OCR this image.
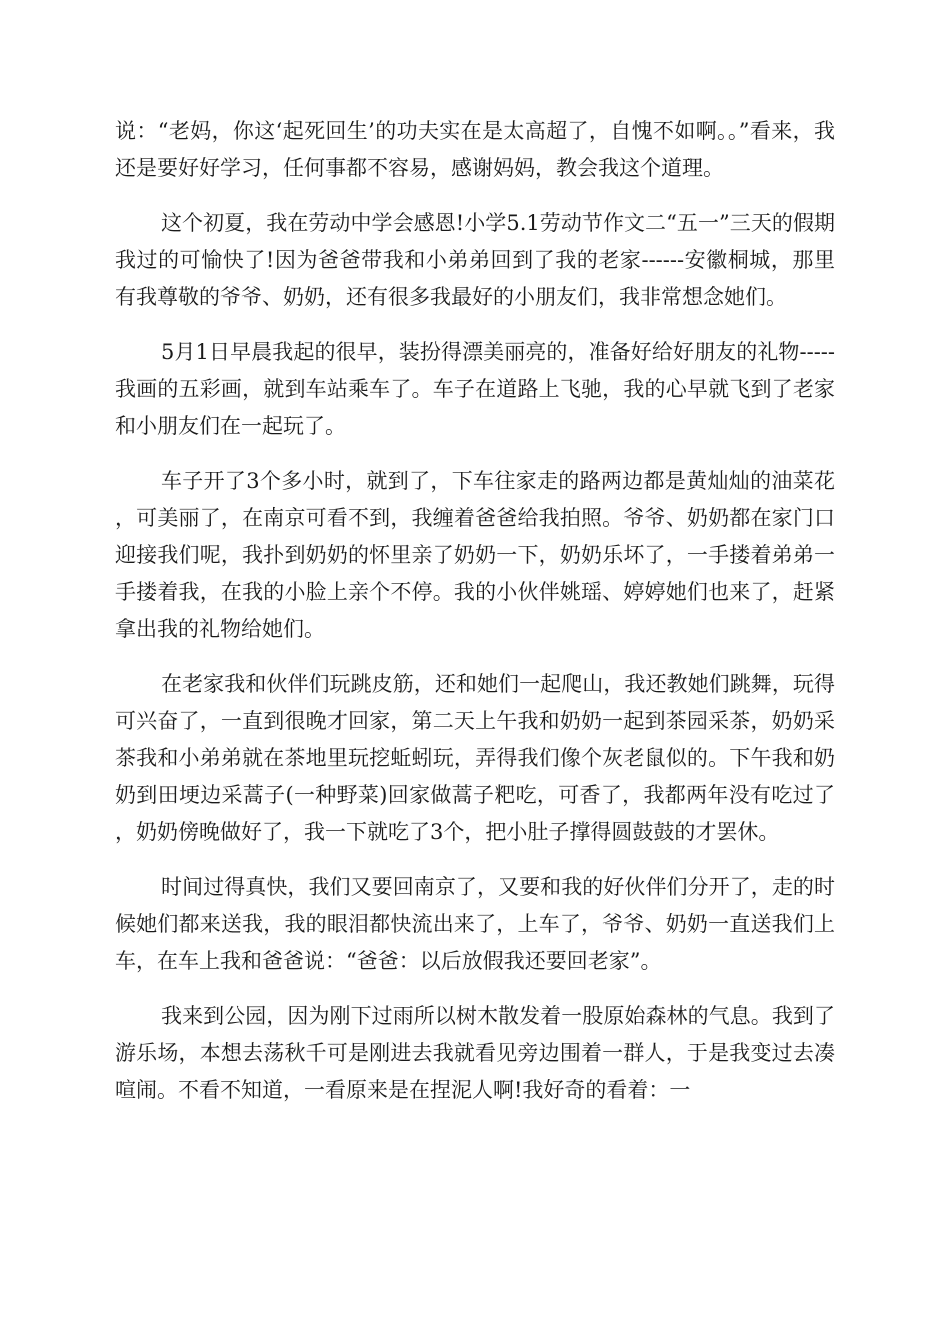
说：“老妈，你这‘起死回生’的功夫实在是太高超了，自愧不如啊。。”看来，我还是要好好学习，任何事都不容易，感谢妈妈，教会我这个道理。

这个初夏，我在劳动中学会感恩!小学5.1劳动节作文二“五一”三天的假期我过的可愉快了!因为爸爸带我和小弟弟回到了我的老家------安徽桐城，那里有我尊敬的爷爷、奶奶，还有很多我最好的小朋友们，我非常想念她们。

5月1日早晨我起的很早，装扮得漂美丽亮的，准备好给好朋友的礼物-----我画的五彩画，就到车站乘车了。车子在道路上飞驰，我的心早就飞到了老家和小朋友们在一起玩了。

车子开了3个多小时，就到了，下车往家走的路两边都是黄灿灿的油菜花，可美丽了，在南京可看不到，我缠着爸爸给我拍照。爷爷、奶奶都在家门口迎接我们呢，我扑到奶奶的怀里亲了奶奶一下，奶奶乐坏了，一手搂着弟弟一手搂着我，在我的小脸上亲个不停。我的小伙伴姚瑶、婷婷她们也来了，赶紧拿出我的礼物给她们。

在老家我和伙伴们玩跳皮筋，还和她们一起爬山，我还教她们跳舞，玩得可兴奋了，一直到很晚才回家，第二天上午我和奶奶一起到茶园采茶，奶奶采茶我和小弟弟就在茶地里玩挖蚯蚓玩，弄得我们像个灰老鼠似的。下午我和奶奶到田埂边采蒿子(一种野菜)回家做蒿子粑吃，可香了，我都两年没有吃过了，奶奶傍晚做好了，我一下就吃了3个，把小肚子撑得圆鼓鼓的才罢休。

时间过得真快，我们又要回南京了，又要和我的好伙伴们分开了，走的时候她们都来送我，我的眼泪都快流出来了，上车了，爷爷、奶奶一直送我们上车，在车上我和爸爸说：“爸爸：以后放假我还要回老家”。

我来到公园，因为刚下过雨所以树木散发着一股原始森林的气息。我到了游乐场，本想去荡秋千可是刚进去我就看见旁边围着一群人，于是我变过去凑喧闹。不看不知道，一看原来是在捏泥人啊!我好奇的看着：一
